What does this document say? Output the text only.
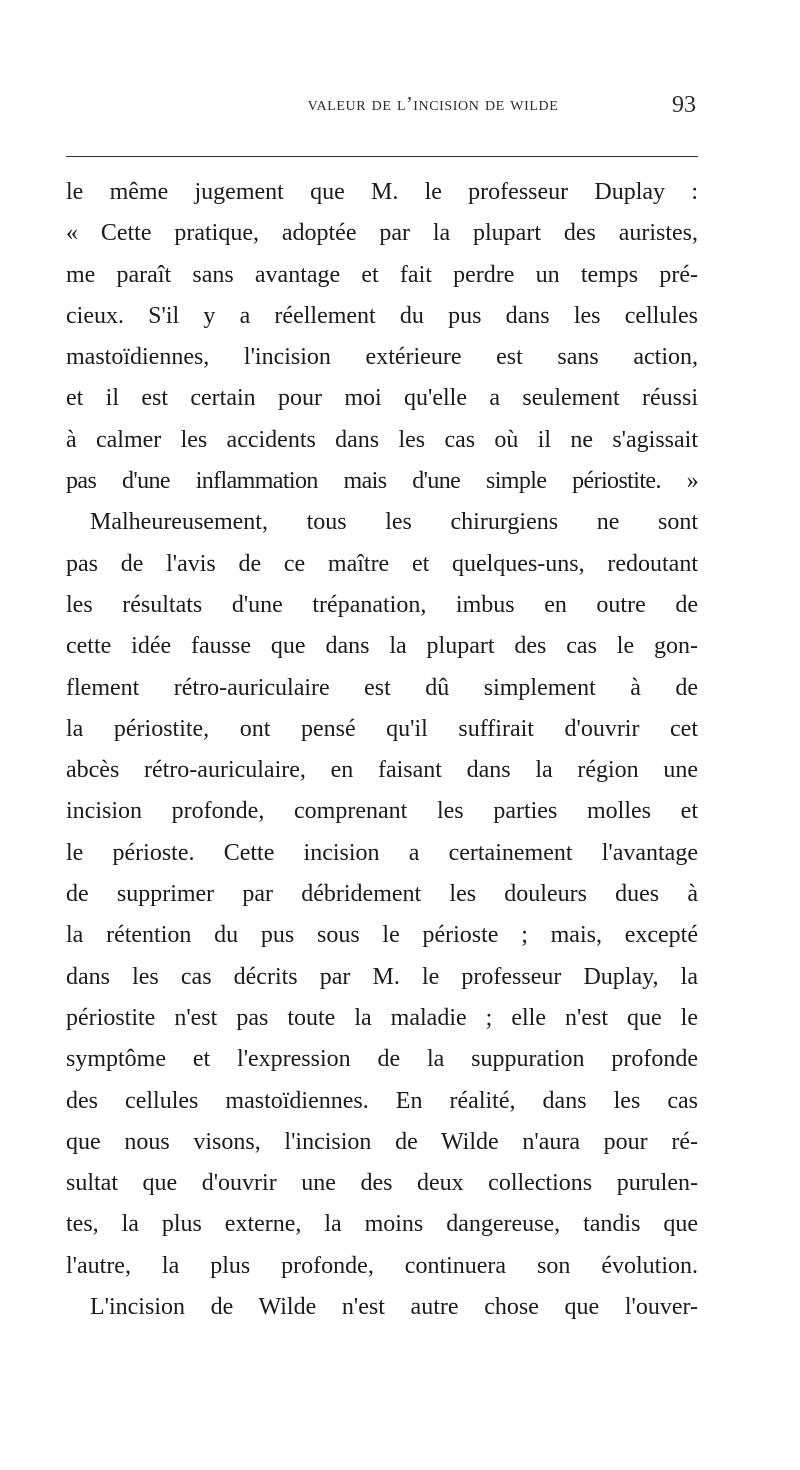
valeur de l’incision de wilde	93
le même jugement que M. le professeur Duplay :
« Cette pratique, adoptée par la plupart des auristes,
me paraît sans avantage et fait perdre un temps pré-
cieux. S'il y a réellement du pus dans les cellules
mastoïdiennes, l'incision extérieure est sans action,
et il est certain pour moi qu'elle a seulement réussi
à calmer les accidents dans les cas où il ne s'agissait
pas d'une inflammation mais d'une simple périostite. »
Malheureusement, tous les chirurgiens ne sont
pas de l'avis de ce maître et quelques-uns, redoutant
les résultats d'une trépanation, imbus en outre de
cette idée fausse que dans la plupart des cas le gon-
flement rétro-auriculaire est dû simplement à de
la périostite, ont pensé qu'il suffirait d'ouvrir cet
abcès rétro-auriculaire, en faisant dans la région une
incision profonde, comprenant les parties molles et
le périoste. Cette incision a certainement l'avantage
de supprimer par débridement les douleurs dues à
la rétention du pus sous le périoste ; mais, excepté
dans les cas décrits par M. le professeur Duplay, la
périostite n'est pas toute la maladie ; elle n'est que le
symptôme et l'expression de la suppuration profonde
des cellules mastoïdiennes. En réalité, dans les cas
que nous visons, l'incision de Wilde n'aura pour ré-
sultat que d'ouvrir une des deux collections purulen-
tes, la plus externe, la moins dangereuse, tandis que
l'autre, la plus profonde, continuera son évolution.
L'incision de Wilde n'est autre chose que l'ouver-
